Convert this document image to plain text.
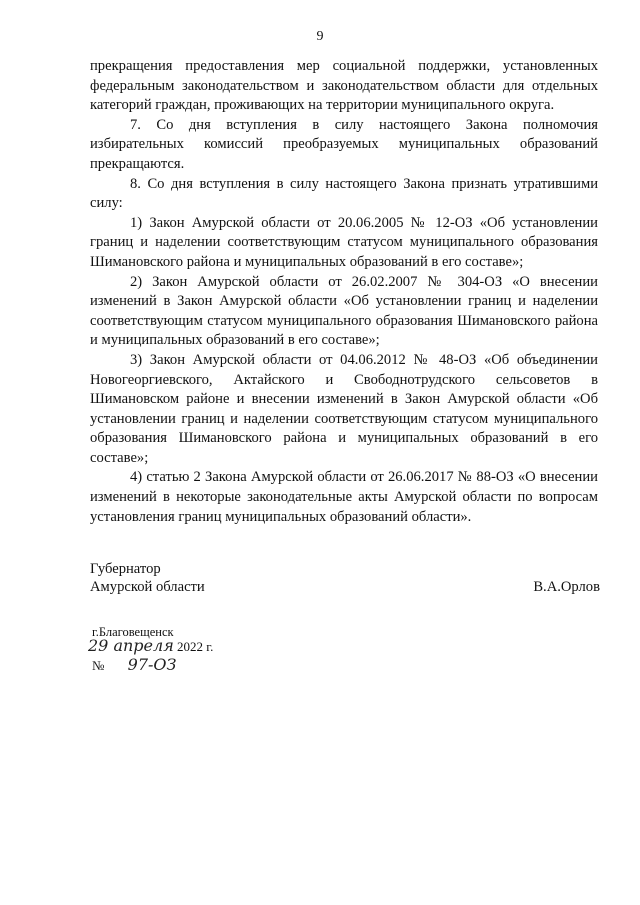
9

прекращения предоставления мер социальной поддержки, установленных федеральным законодательством и законодательством области для отдельных категорий граждан, проживающих на территории муниципального округа.

7. Со дня вступления в силу настоящего Закона полномочия избирательных комиссий преобразуемых муниципальных образований прекращаются.

8. Со дня вступления в силу настоящего Закона признать утратившими силу:

1) Закон Амурской области от 20.06.2005 № 12-ОЗ «Об установлении границ и наделении соответствующим статусом муниципального образования Шимановского района и муниципальных образований в его составе»;

2) Закон Амурской области от 26.02.2007 № 304-ОЗ «О внесении изменений в Закон Амурской области «Об установлении границ и наделении соответствующим статусом муниципального образования Шимановского района и муниципальных образований в его составе»;

3) Закон Амурской области от 04.06.2012 № 48-ОЗ «Об объединении Новогеоргиевского, Актайского и Свободнотрудского сельсоветов в Шимановском районе и внесении изменений в Закон Амурской области «Об установлении границ и наделении соответствующим статусом муниципального образования Шимановского района и муниципальных образований в его составе»;

4) статью 2 Закона Амурской области от 26.06.2017 № 88-ОЗ «О внесении изменений в некоторые законодательные акты Амурской области по вопросам установления границ муниципальных образований области».

Губернатор
Амурской области	В.А.Орлов
г.Благовещенск
29 апреля 2022 г.
№ 97-ОЗ
